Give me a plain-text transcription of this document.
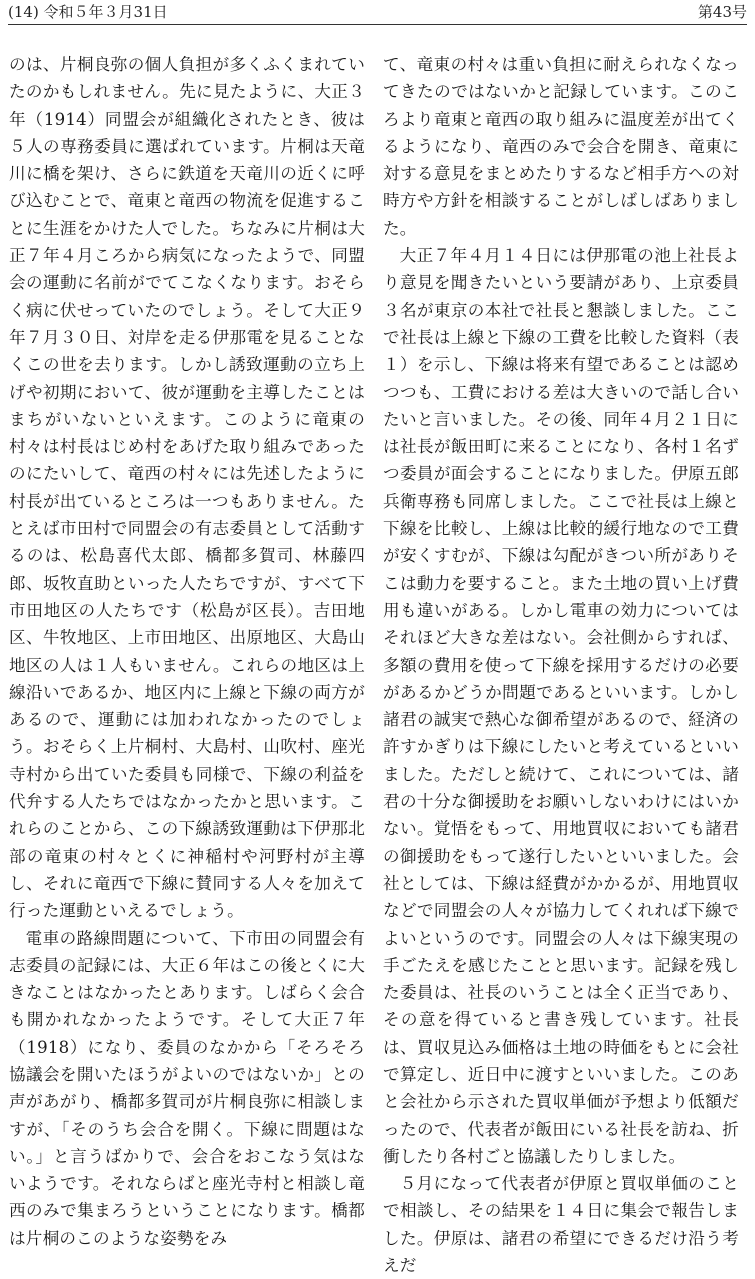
(14) 令和５年３月31日	第43号

のは、片桐良弥の個人負担が多くふくまれていたのかもしれません。先に見たように、大正３年（1914）同盟会が組織化されたとき、彼は５人の専務委員に選ばれています。片桐は天竜川に橋を架け、さらに鉄道を天竜川の近くに呼び込むことで、竜東と竜西の物流を促進することに生涯をかけた人でした。ちなみに片桐は大正７年４月ころから病気になったようで、同盟会の運動に名前がでてこなくなります。おそらく病に伏せっていたのでしょう。そして大正９年７月３０日、対岸を走る伊那電を見ることなくこの世を去ります。しかし誘致運動の立ち上げや初期において、彼が運動を主導したことはまちがいないといえます。このように竜東の村々は村長はじめ村をあげた取り組みであったのにたいして、竜西の村々には先述したように村長が出ているところは一つもありません。たとえば市田村で同盟会の有志委員として活動するのは、松島喜代太郎、橋都多賀司、林藤四郎、坂牧直助といった人たちですが、すべて下市田地区の人たちです（松島が区長）。吉田地区、牛牧地区、上市田地区、出原地区、大島山地区の人は１人もいません。これらの地区は上線沿いであるか、地区内に上線と下線の両方があるので、運動には加われなかったのでしょう。おそらく上片桐村、大島村、山吹村、座光寺村から出ていた委員も同様で、下線の利益を代弁する人たちではなかったかと思います。これらのことから、この下線誘致運動は下伊那北部の竜東の村々とくに神稲村や河野村が主導し、それに竜西で下線に賛同する人々を加えて行った運動といえるでしょう。

電車の路線問題について、下市田の同盟会有志委員の記録には、大正６年はこの後とくに大きなことはなかったとあります。しばらく会合も開かれなかったようです。そして大正７年（1918）になり、委員のなかから「そろそろ協議会を開いたほうがよいのではないか」との声があがり、橋都多賀司が片桐良弥に相談しますが、「そのうち会合を開く。下線に問題はない。」と言うばかりで、会合をおこなう気はないようです。それならばと座光寺村と相談し竜西のみで集まろうということになります。橋都は片桐のこのような姿勢をみ

て、竜東の村々は重い負担に耐えられなくなってきたのではないかと記録しています。このころより竜東と竜西の取り組みに温度差が出てくるようになり、竜西のみで会合を開き、竜東に対する意見をまとめたりするなど相手方への対時方や方針を相談することがしばしばありました。

大正７年４月１４日には伊那電の池上社長より意見を聞きたいという要請があり、上京委員３名が東京の本社で社長と懇談しました。ここで社長は上線と下線の工費を比較した資料（表１）を示し、下線は将来有望であることは認めつつも、工費における差は大きいので話し合いたいと言いました。その後、同年４月２１日には社長が飯田町に来ることになり、各村１名ずつ委員が面会することになりました。伊原五郎兵衛専務も同席しました。ここで社長は上線と下線を比較し、上線は比較的緩行地なので工費が安くすむが、下線は勾配がきつい所がありそこは動力を要すること。また土地の買い上げ費用も違いがある。しかし電車の効力についてはそれほど大きな差はない。会社側からすれば、多額の費用を使って下線を採用するだけの必要があるかどうか問題であるといいます。しかし諸君の誠実で熱心な御希望があるので、経済の許すかぎりは下線にしたいと考えているといいました。ただしと続けて、これについては、諸君の十分な御援助をお願いしないわけにはいかない。覚悟をもって、用地買収においても諸君の御援助をもって遂行したいといいました。会社としては、下線は経費がかかるが、用地買収などで同盟会の人々が協力してくれれば下線でよいというのです。同盟会の人々は下線実現の手ごたえを感じたことと思います。記録を残した委員は、社長のいうことは全く正当であり、その意を得ていると書き残しています。社長は、買収見込み価格は土地の時価をもとに会社で算定し、近日中に渡すといいました。このあと会社から示された買収単価が予想より低額だったので、代表者が飯田にいる社長を訪ね、折衝したり各村ごと協議したりしました。

５月になって代表者が伊原と買収単価のことで相談し、その結果を１４日に集会で報告しました。伊原は、諸君の希望にできるだけ沿う考えだ
